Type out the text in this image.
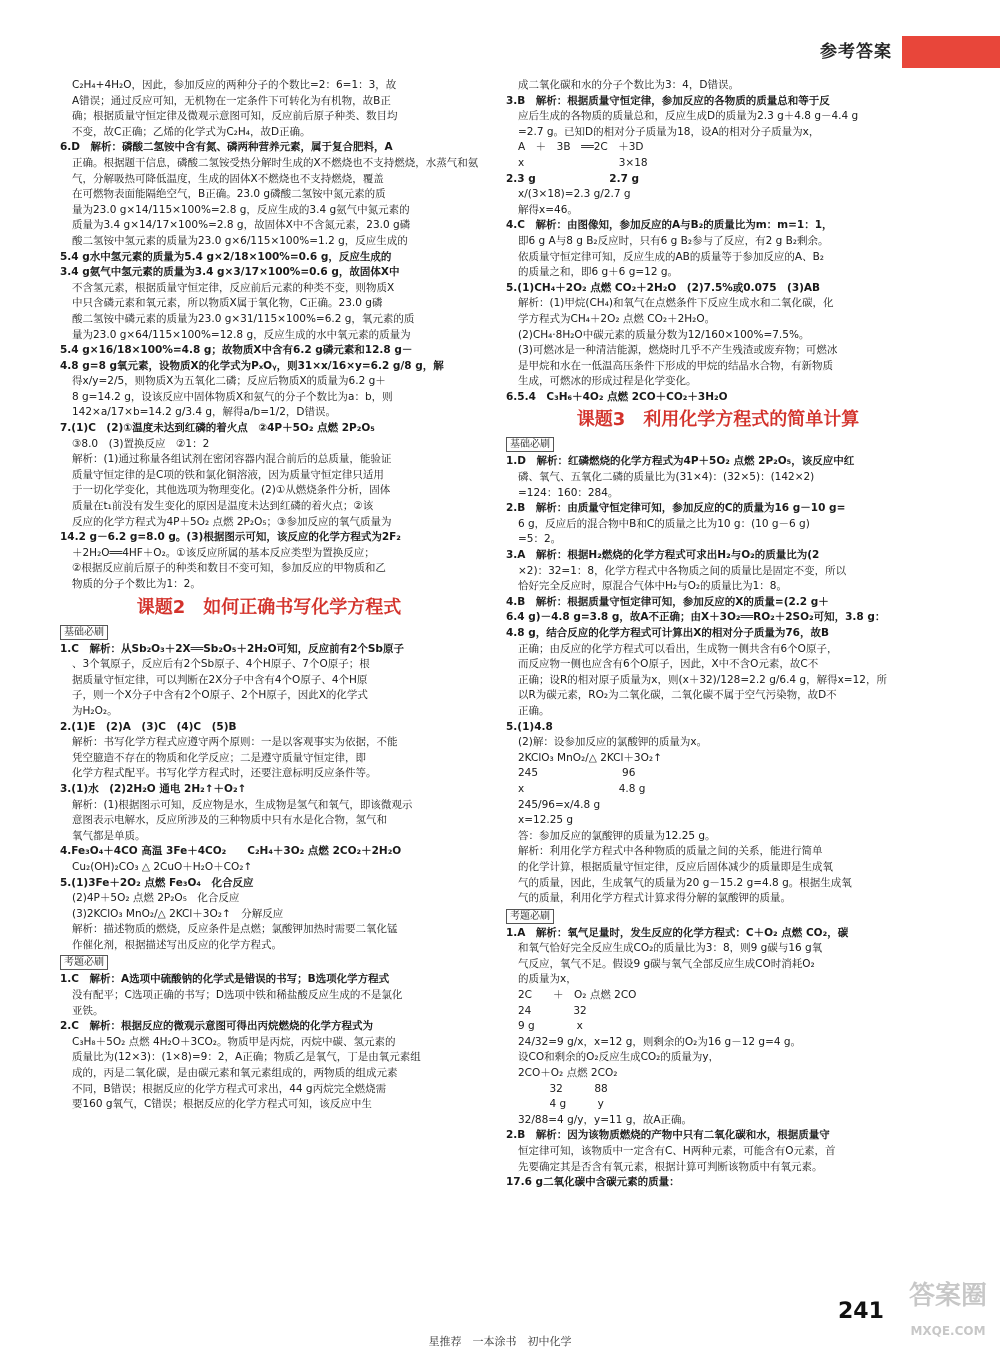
参考答案
C₂H₄+4H₂O，因此，参加反应的两种分子的个数比=2：6=1：3，故
A错误；通过反应可知，无机物在一定条件下可转化为有机物，故B正
确；根据质量守恒定律及微观示意图可知，反应前后原子种类、数目均
不变，故C正确；乙烯的化学式为C₂H₄，故D正确。
6.D　解析：磷酸二氢铵中含有氮、磷两种营养元素，属于复合肥料，A
正确。根据题干信息，磷酸二氢铵受热分解时生成的X不燃烧也不支持燃烧，水蒸气和氨
气，分解吸热可降低温度，生成的固体X不燃烧也不支持燃烧，覆盖
在可燃物表面能隔绝空气，B正确。23.0 g磷酸二氢铵中氮元素的质
量为23.0 g×14/115×100%=2.8 g，反应生成的3.4 g氨气中氮元素的
质量为3.4 g×14/17×100%=2.8 g，故固体X中不含氮元素，23.0 g磷
酸二氢铵中氢元素的质量为23.0 g×6/115×100%=1.2 g，反应生成的
5.4 g水中氢元素的质量为5.4 g×2/18×100%=0.6 g，反应生成的
3.4 g氨气中氢元素的质量为3.4 g×3/17×100%=0.6 g，故固体X中
不含氢元素，根据质量守恒定律，反应前后元素的种类不变，则物质X
中只含磷元素和氧元素，所以物质X属于氧化物，C正确。23.0 g磷
酸二氢铵中磷元素的质量为23.0 g×31/115×100%=6.2 g，氧元素的质
量为23.0 g×64/115×100%=12.8 g，反应生成的水中氧元素的质量为
5.4 g×16/18×100%=4.8 g；故物质X中含有6.2 g磷元素和12.8 g－
4.8 g=8 g氧元素，设物质X的化学式为PₓOᵧ，则31×x/16×y=6.2 g/8 g，解
得x/y=2/5，则物质X为五氧化二磷；反应后物质X的质量为6.2 g＋
8 g=14.2 g，设该反应中固体物质X和氨气的分子个数比为a：b，则
142×a/17×b=14.2 g/3.4 g，解得a/b=1/2，D错误。
7.(1)C　(2)①温度未达到红磷的着火点　②4P＋5O₂ 点燃 2P₂O₅
③8.0　(3)置换反应　②1：2
解析：(1)通过称量各组试剂在密闭容器内混合前后的总质量，能验证
质量守恒定律的是C项的铁和氯化铜溶液，因为质量守恒定律只适用
于一切化学变化，其他选项为物理变化。(2)①从燃烧条件分析，固体
质量在t₁前没有发生变化的原因是温度未达到红磷的着火点；②该
反应的化学方程式为4P＋5O₂ 点燃 2P₂O₅；③参加反应的氧气质量为
14.2 g－6.2 g=8.0 g。(3)根据图示可知，该反应的化学方程式为2F₂
＋2H₂O══4HF＋O₂。①该反应所属的基本反应类型为置换反应；
②根据反应前后原子的种类和数目不变可知，参加反应的甲物质和乙
物质的分子个数比为1：2。
课题2　如何正确书写化学方程式
基础必刷
1.C　解析：从Sb₂O₃＋2X══Sb₂O₅＋2H₂O可知，反应前有2个Sb原子
、3个氧原子，反应后有2个Sb原子、4个H原子、7个O原子；根
据质量守恒定律，可以判断在2X分子中含有4个O原子、4个H原
子，则一个X分子中含有2个O原子、2个H原子，因此X的化学式
为H₂O₂。
2.(1)E　(2)A　(3)C　(4)C　(5)B
解析：书写化学方程式应遵守两个原则：一是以客观事实为依据，不能
凭空臆造不存在的物质和化学反应；二是遵守质量守恒定律，即
化学方程式配平。书写化学方程式时，还要注意标明反应条件等。
3.(1)水　(2)2H₂O 通电 2H₂↑＋O₂↑
解析：(1)根据图示可知，反应物是水，生成物是氢气和氧气，即该微观示
意图表示电解水，反应所涉及的三种物质中只有水是化合物，氢气和
氧气都是单质。
4.Fe₃O₄＋4CO 高温 3Fe＋4CO₂　　C₂H₄＋3O₂ 点燃 2CO₂＋2H₂O
Cu₂(OH)₂CO₃ △ 2CuO＋H₂O＋CO₂↑
5.(1)3Fe＋2O₂ 点燃 Fe₃O₄　化合反应
(2)4P＋5O₂ 点燃 2P₂O₅　化合反应
(3)2KClO₃ MnO₂/△ 2KCl＋3O₂↑　分解反应
解析：描述物质的燃烧，反应条件是点燃；氯酸钾加热时需要二氧化锰
作催化剂，根据描述写出反应的化学方程式。
考题必刷
1.C　解析：A选项中硫酸钠的化学式是错误的书写；B选项化学方程式
没有配平；C选项正确的书写；D选项中铁和稀盐酸反应生成的不是氯化
亚铁。
2.C　解析：根据反应的微观示意图可得出丙烷燃烧的化学方程式为
C₃H₈＋5O₂ 点燃 4H₂O＋3CO₂。物质甲是丙烷，丙烷中碳、氢元素的
质量比为(12×3)：(1×8)=9：2，A正确；物质乙是氧气，丁是由氧元素组
成的，丙是二氧化碳，是由碳元素和氧元素组成的，两物质的组成元素
不同，B错误；根据反应的化学方程式可求出，44 g丙烷完全燃烧需
要160 g氧气，C错误；根据反应的化学方程式可知，该反应中生
成二氧化碳和水的分子个数比为3：4，D错误。
3.B　解析：根据质量守恒定律，参加反应的各物质的质量总和等于反
应后生成的各物质的质量总和，反应生成D的质量为2.3 g＋4.8 g－4.4 g
=2.7 g。已知D的相对分子质量为18，设A的相对分子质量为x，
A　＋　3B　══2C　＋3D
x　　　　　　　　　3×18
2.3 g　　　　　　　2.7 g
x/(3×18)=2.3 g/2.7 g
解得x=46。
4.C　解析：由图像知，参加反应的A与B₂的质量比为m：m=1：1，
即6 g A与8 g B₂反应时，只有6 g B₂参与了反应，有2 g B₂剩余。
依质量守恒定律可知，反应生成的AB的质量等于参加反应的A、B₂
的质量之和，即6 g＋6 g=12 g。
5.(1)CH₄＋2O₂ 点燃 CO₂＋2H₂O　(2)7.5%或0.075　(3)AB
解析：(1)甲烷(CH₄)和氧气在点燃条件下反应生成水和二氧化碳，化
学方程式为CH₄＋2O₂ 点燃 CO₂＋2H₂O。
(2)CH₄·8H₂O中碳元素的质量分数为12/160×100%=7.5%。
(3)可燃冰是一种清洁能源，燃烧时几乎不产生残渣或废弃物；可燃冰
是甲烷和水在一低温高压条件下形成的甲烷的结晶水合物，有新物质
生成，可燃冰的形成过程是化学变化。
6.5.4　C₃H₆＋4O₂ 点燃 2CO＋CO₂＋3H₂O
课题3　利用化学方程式的简单计算
基础必刷
1.D　解析：红磷燃烧的化学方程式为4P＋5O₂ 点燃 2P₂O₅，该反应中红
磷、氧气、五氧化二磷的质量比为(31×4)：(32×5)：(142×2)
=124：160：284。
2.B　解析：由质量守恒定律可知，参加反应的C的质量为16 g－10 g=
6 g，反应后的混合物中B和C的质量之比为10 g：(10 g－6 g)
=5：2。
3.A　解析：根据H₂燃烧的化学方程式可求出H₂与O₂的质量比为(2
×2)：32=1：8，化学方程式中各物质之间的质量比是固定不变，所以
恰好完全反应时，原混合气体中H₂与O₂的质量比为1：8。
4.B　解析：根据质量守恒定律可知，参加反应的X的质量=(2.2 g＋
6.4 g)－4.8 g=3.8 g，故A不正确；由X＋3O₂══RO₂＋2SO₂可知，3.8 g：
4.8 g，结合反应的化学方程式可计算出X的相对分子质量为76，故B
正确；由反应的化学方程式可以看出，生成物一侧共含有6个O原子，
而反应物一侧也应含有6个O原子，因此，X中不含O元素，故C不
正确；设R的相对原子质量为x，则(x＋32)/128=2.2 g/6.4 g，解得x=12，所
以R为碳元素，RO₂为二氧化碳，二氧化碳不属于空气污染物，故D不
正确。
5.(1)4.8
(2)解：设参加反应的氯酸钾的质量为x。
2KClO₃ MnO₂/△ 2KCl＋3O₂↑
245　　　　　　　　96
x　　　　　　　　　4.8 g
245/96=x/4.8 g
x=12.25 g
答：参加反应的氯酸钾的质量为12.25 g。
解析：利用化学方程式中各种物质的质量之间的关系，能进行简单
的化学计算，根据质量守恒定律，反应后固体减少的质量即是生成氧
气的质量，因此，生成氧气的质量为20 g－15.2 g=4.8 g。根据生成氧
气的质量，利用化学方程式计算求得分解的氯酸钾的质量。
考题必刷
1.A　解析：氧气足量时，发生反应的化学方程式：C＋O₂ 点燃 CO₂，碳
和氧气恰好完全反应生成CO₂的质量比为3：8，则9 g碳与16 g氧
气反应，氧气不足。假设9 g碳与氧气全部反应生成CO时消耗O₂
的质量为x，
2C　　＋　O₂ 点燃 2CO
24　　　　32
9 g　　　　x
24/32=9 g/x，x=12 g，则剩余的O₂为16 g－12 g=4 g。
设CO和剩余的O₂反应生成CO₂的质量为y，
2CO＋O₂ 点燃 2CO₂
　　　32　　　88
　　　4 g　　　y
32/88=4 g/y，y=11 g，故A正确。
2.B　解析：因为该物质燃烧的产物中只有二氧化碳和水，根据质量守
恒定律可知，该物质中一定含有C、H两种元素，可能含有O元素，首
先要确定其是否含有氧元素，根据计算可判断该物质中有氧元素。
17.6 g二氧化碳中含碳元素的质量：
241
星推荐　一本涂书　初中化学
答案圈
MXQE.COM
